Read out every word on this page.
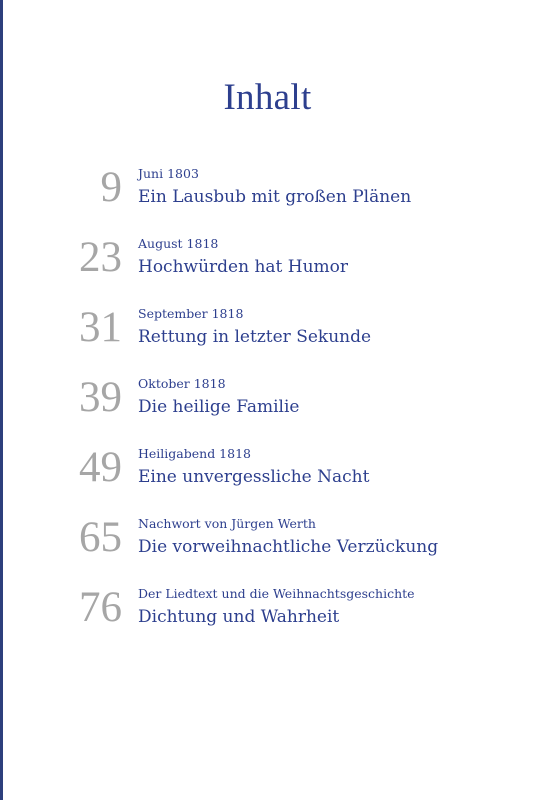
Inhalt
9 Juni 1803
Ein Lausbub mit großen Plänen
23 August 1818
Hochwürden hat Humor
31 September 1818
Rettung in letzter Sekunde
39 Oktober 1818
Die heilige Familie
49 Heiligabend 1818
Eine unvergessliche Nacht
65 Nachwort von Jürgen Werth
Die vorweihnachtliche Verzückung
76 Der Liedtext und die Weihnachtsgeschichte
Dichtung und Wahrheit
